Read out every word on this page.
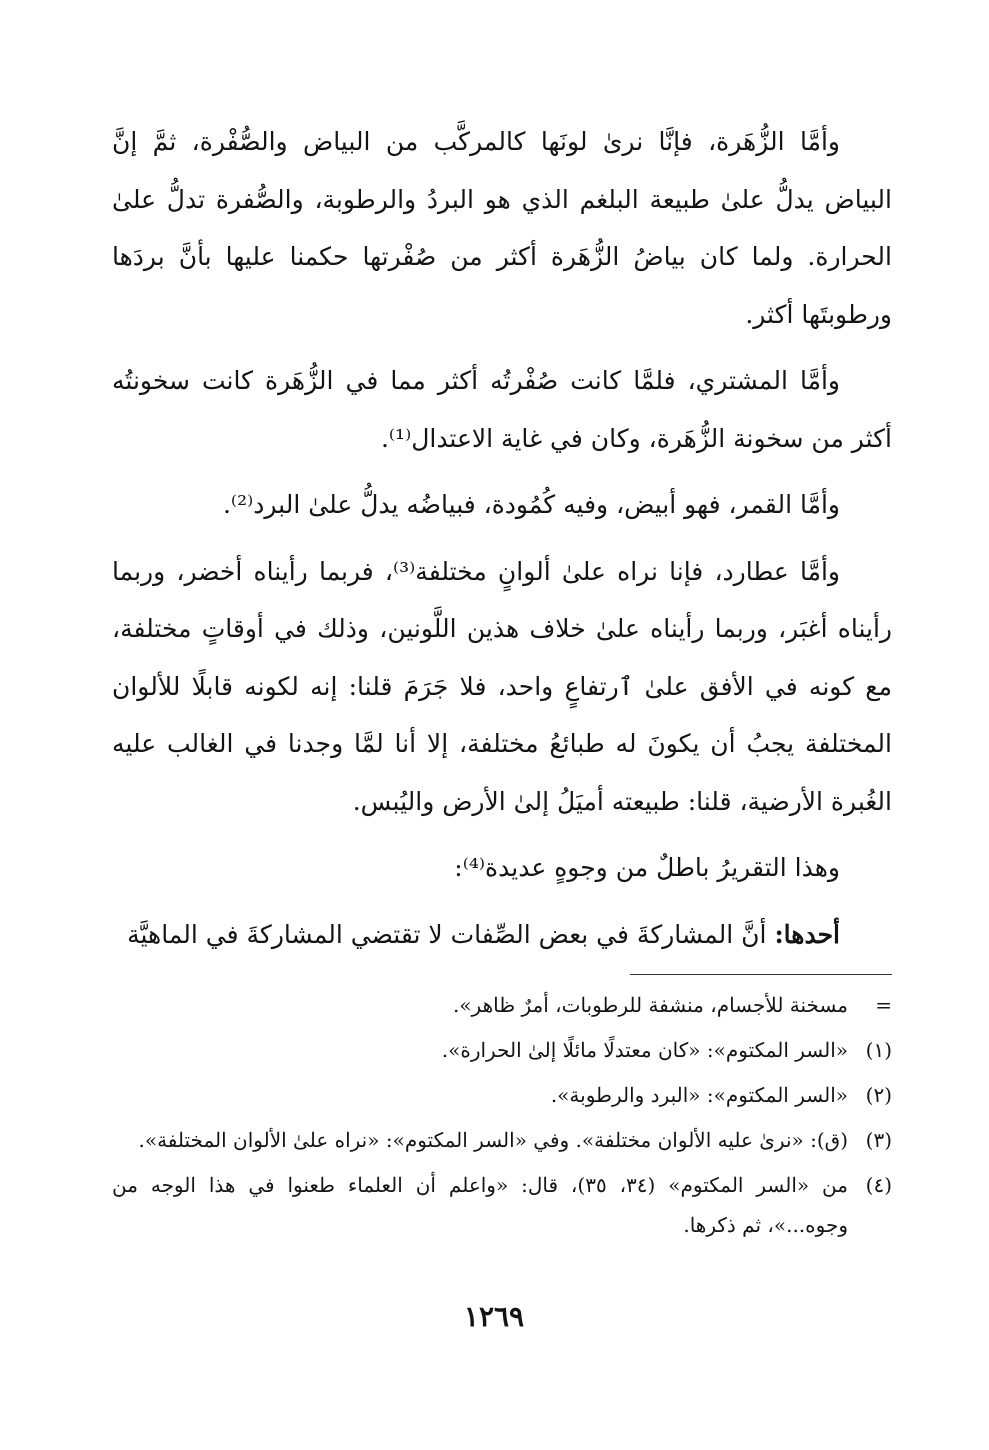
وأمَّا الزُّهَرة، فإنَّا نرىٰ لونَها كالمركَّب من البياض والصُّفْرة، ثمَّ إنَّ البياض يدلُّ علىٰ طبيعة البلغم الذي هو البردُ والرطوبة، والصُّفرة تدلُّ علىٰ الحرارة. ولما كان بياضُ الزُّهَرة أكثر من صُفْرتها حكمنا عليها بأنَّ بردَها ورطوبتَها أكثر.

وأمَّا المشتري، فلمَّا كانت صُفْرتُه أكثر مما في الزُّهَرة كانت سخونتُه أكثر من سخونة الزُّهَرة، وكان في غاية الاعتدال⁽¹⁾.

وأمَّا القمر، فهو أبيض، وفيه كُمُودة، فبياضُه يدلُّ علىٰ البرد⁽²⁾.

وأمَّا عطارد، فإنا نراه علىٰ ألوانٍ مختلفة⁽³⁾، فربما رأيناه أخضر، وربما رأيناه أغبَر، وربما رأيناه علىٰ خلاف هذين اللَّونين، وذلك في أوقاتٍ مختلفة، مع كونه في الأفق علىٰ ٱرتفاعٍ واحد، فلا جَرَمَ قلنا: إنه لكونه قابلًا للألوان المختلفة يجبُ أن يكونَ له طبائعُ مختلفة، إلا أنا لمَّا وجدنا في الغالب عليه الغُبرة الأرضية، قلنا: طبيعته أميَلُ إلىٰ الأرض واليُبس.

وهذا التقريرُ باطلٌ من وجوهٍ عديدة⁽⁴⁾:

أحدها: أنَّ المشاركةَ في بعض الصِّفات لا تقتضي المشاركةَ في الماهيَّة

=
مسخنة للأجسام، منشفة للرطوبات، أمرٌ ظاهر».
(١)
«السر المكتوم»: «كان معتدلًا مائلًا إلىٰ الحرارة».
(٢)
«السر المكتوم»: «البرد والرطوبة».
(٣)
(ق): «نرىٰ عليه الألوان مختلفة». وفي «السر المكتوم»: «نراه علىٰ الألوان المختلفة».
(٤)
من «السر المكتوم» (٣٤، ٣٥)، قال: «واعلم أن العلماء طعنوا في هذا الوجه من وجوه...»، ثم ذكرها.
١٢٦٩
